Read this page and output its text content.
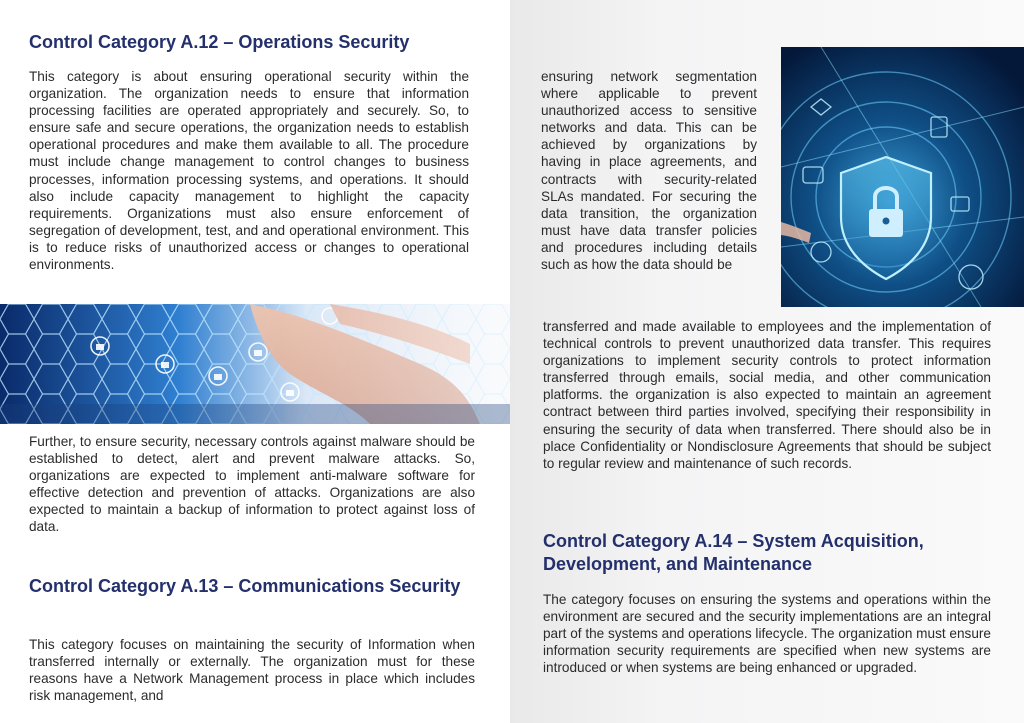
Control Category A.12 – Operations Security

This category is about ensuring operational security within the organization. The organization needs to ensure that information processing facilities are operated appropriately and securely. So, to ensure safe and secure operations, the organization needs to establish operational procedures and make them available to all. The procedure must include change management to control changes to business processes, information processing systems, and operations. It should also include capacity management to highlight the capacity requirements. Organizations must also ensure enforcement of segregation of development, test, and and operational environment. This is to reduce risks of unauthorized access or changes to operational environments.

Further, to ensure security, necessary controls against malware should be established to detect, alert and prevent malware attacks. So, organizations are expected to implement anti-malware software for effective detection and prevention of attacks. Organizations are also expected to maintain a backup of information to protect against loss of data.

Control Category A.13 – Communications Security

This category focuses on maintaining the security of Information when transferred internally or externally. The organization must for these reasons have a Network Management process in place which includes risk management, and

ensuring network segmentation where applicable to prevent unauthorized access to sensitive networks and data. This can be achieved by organizations by having in place agreements, and contracts with security-related SLAs mandated. For securing the data transition, the organization must have data transfer policies and procedures including details such as how the data should be

transferred and made available to employees and the implementation of technical controls to prevent unauthorized data transfer. This requires organizations to implement security controls to protect information transferred through emails, social media, and other communication platforms. the organization is also expected to maintain an agreement contract between third parties involved, specifying their responsibility in ensuring the security of data when transferred. There should also be in place Confidentiality or Nondisclosure Agreements that should be subject to regular review and maintenance of such records.

Control Category A.14 – System Acquisition, Development, and Maintenance

The category focuses on ensuring the systems and operations within the environment are secured and the security implementations are an integral part of the systems and operations lifecycle. The organization must ensure information security requirements are specified when new systems are introduced or when systems are being enhanced or upgraded.
